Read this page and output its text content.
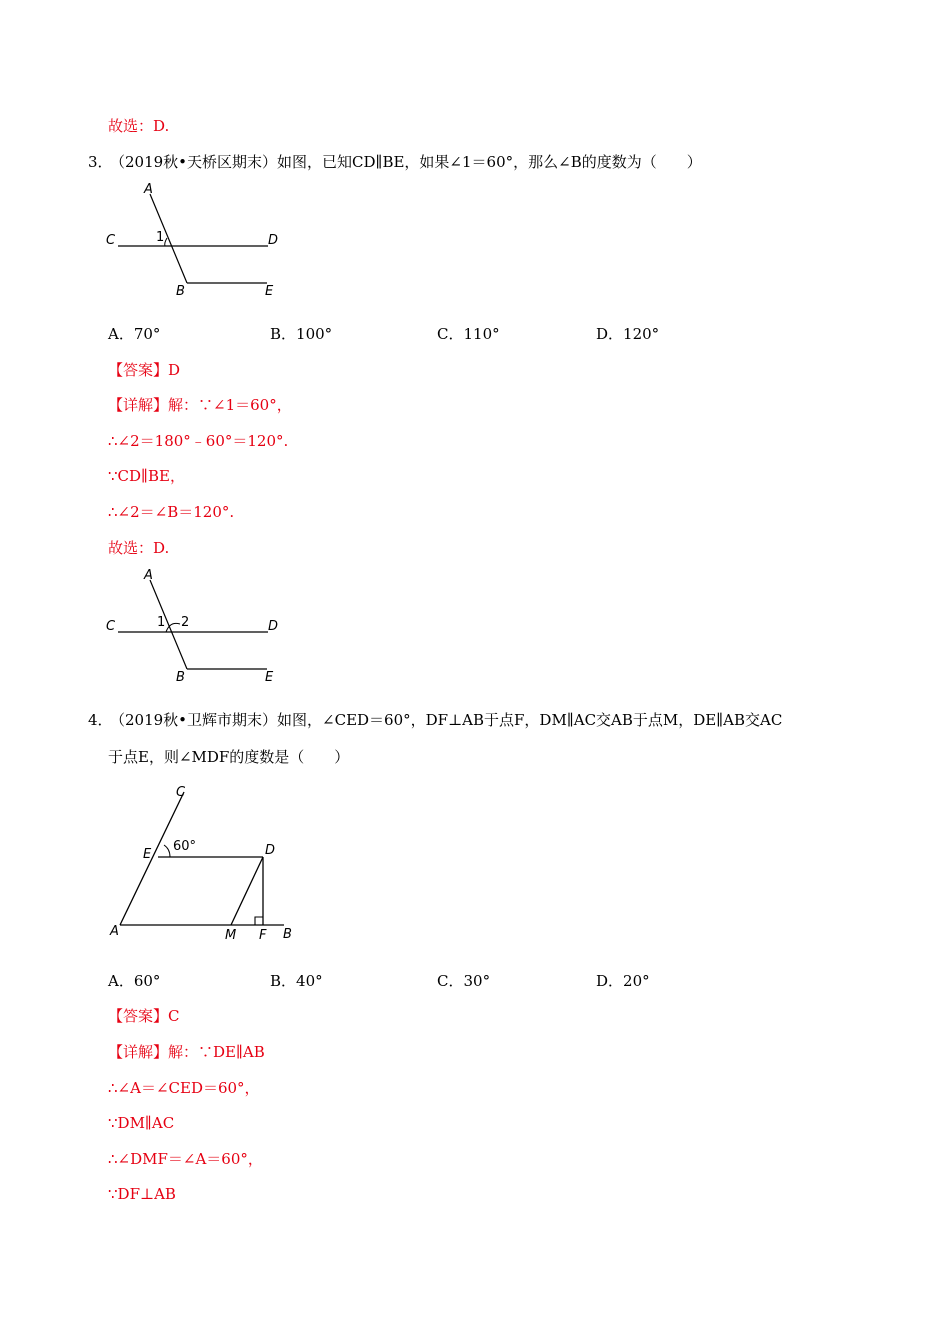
故选：D.
3．
（2019秋•天桥区期末）如图，已知CD∥BE，如果∠1＝60°，那么∠B的度数为（　　）
A
C	1	D
B	E
A．70°	B．100°	C．110°	D．120°
【答案】D
【详解】解：∵∠1＝60°，
∴∠2＝180°﹣60°＝120°.
∵CD∥BE，
∴∠2＝∠B＝120°.
故选：D.
A
C	1 2	D
B	E
4．
（2019秋•卫辉市期末）如图，∠CED＝60°，DF⊥AB于点F，DM∥AC交AB于点M，DE∥AB交AC
于点E，则∠MDF的度数是（　　）
C
E
60°	D
A	M F B
A．60°	B．40°	C．30°	D．20°
【答案】C
【详解】解：∵DE∥AB
∴∠A＝∠CED＝60°，
∵DM∥AC
∴∠DMF＝∠A＝60°，
∵DF⊥AB
